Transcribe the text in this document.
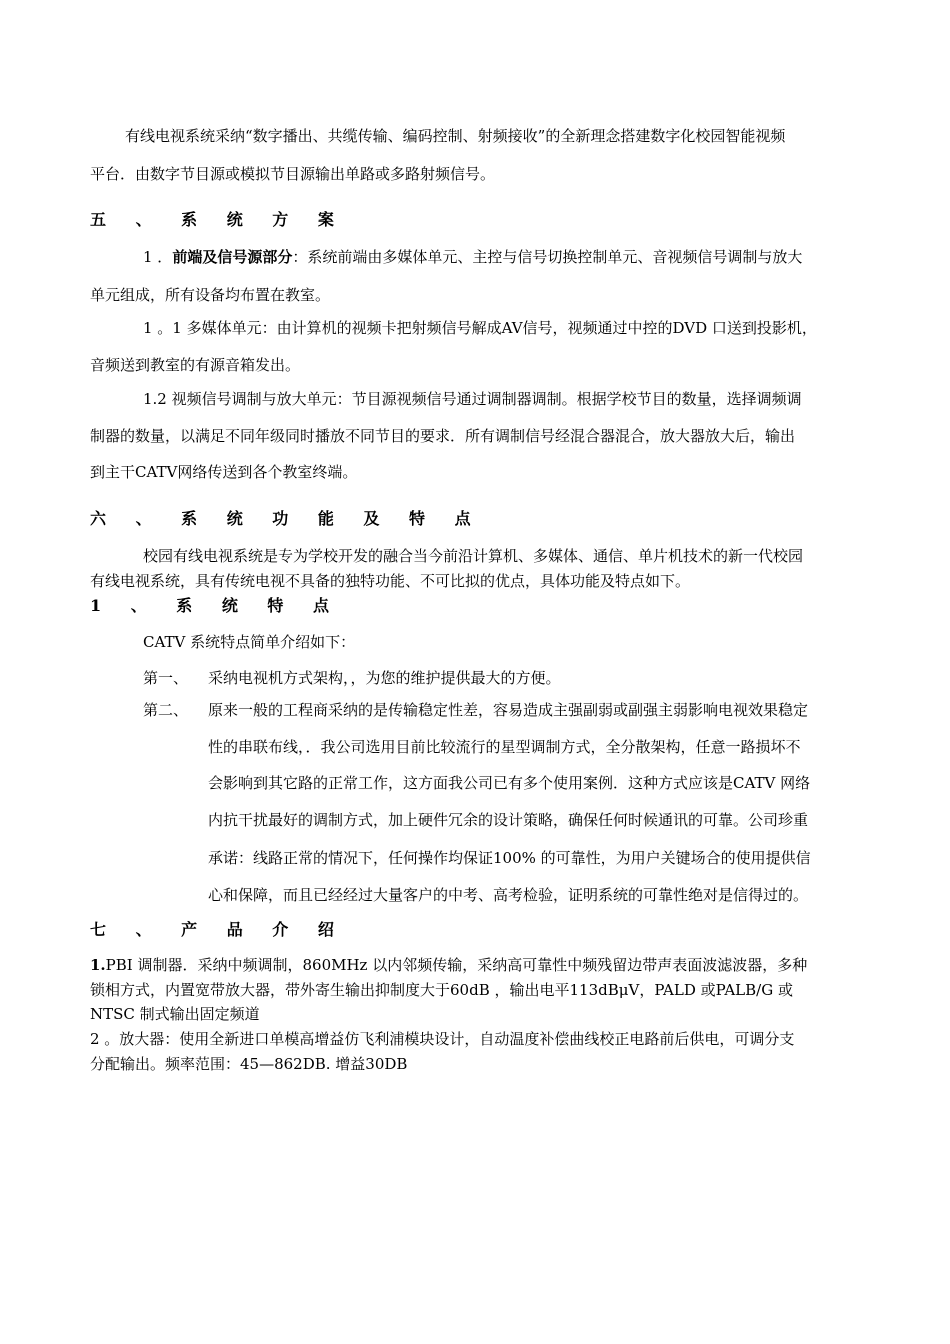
有线电视系统采纳“数字播出、共缆传输、编码控制、射频接收”的全新理念搭建数字化校园智能视频
平台．由数字节目源或模拟节目源输出单路或多路射频信号。
五 、 系 统 方 案
1 ．前端及信号源部分：系统前端由多媒体单元、主控与信号切换控制单元、音视频信号调制与放大
单元组成，所有设备均布置在教室。
1 。1 多媒体单元：由计算机的视频卡把射频信号解成AV信号，视频通过中控的DVD 口送到投影机，
音频送到教室的有源音箱发出。
1.2 视频信号调制与放大单元：节目源视频信号通过调制器调制。根据学校节目的数量，选择调频调
制器的数量，以满足不同年级同时播放不同节目的要求．所有调制信号经混合器混合，放大器放大后，输出
到主干CATV网络传送到各个教室终端。
六 、 系 统 功 能 及 特 点
校园有线电视系统是专为学校开发的融合当今前沿计算机、多媒体、通信、单片机技术的新一代校园
有线电视系统，具有传统电视不具备的独特功能、不可比拟的优点，具体功能及特点如下。
1 、 系 统 特 点
CATV 系统特点简单介绍如下：
第一、 采纳电视机方式架构，，为您的维护提供最大的方便。
第二、 原来一般的工程商采纳的是传输稳定性差，容易造成主强副弱或副强主弱影响电视效果稳定
性的串联布线，．我公司选用目前比较流行的星型调制方式，全分散架构，任意一路损坏不
会影响到其它路的正常工作，这方面我公司已有多个使用案例．这种方式应该是CATV 网络
内抗干扰最好的调制方式，加上硬件冗余的设计策略，确保任何时候通讯的可靠。公司珍重
承诺：线路正常的情况下，任何操作均保证100% 的可靠性，为用户关键场合的使用提供信
心和保障，而且已经经过大量客户的中考、高考检验，证明系统的可靠性绝对是信得过的。
七 、 产 品 介 绍
1.PBI 调制器．采纳中频调制，860MHz 以内邻频传输，采纳高可靠性中频残留边带声表面波滤波器，多种
锁相方式，内置宽带放大器，带外寄生输出抑制度大于60dB ，输出电平113dBμV，PALD 或PALB/G 或
NTSC 制式输出固定频道
2 。放大器：使用全新进口单模高增益仿飞利浦模块设计，自动温度补偿曲线校正电路前后供电，可调分支
分配输出。频率范围：45—862DB. 增益30DB
